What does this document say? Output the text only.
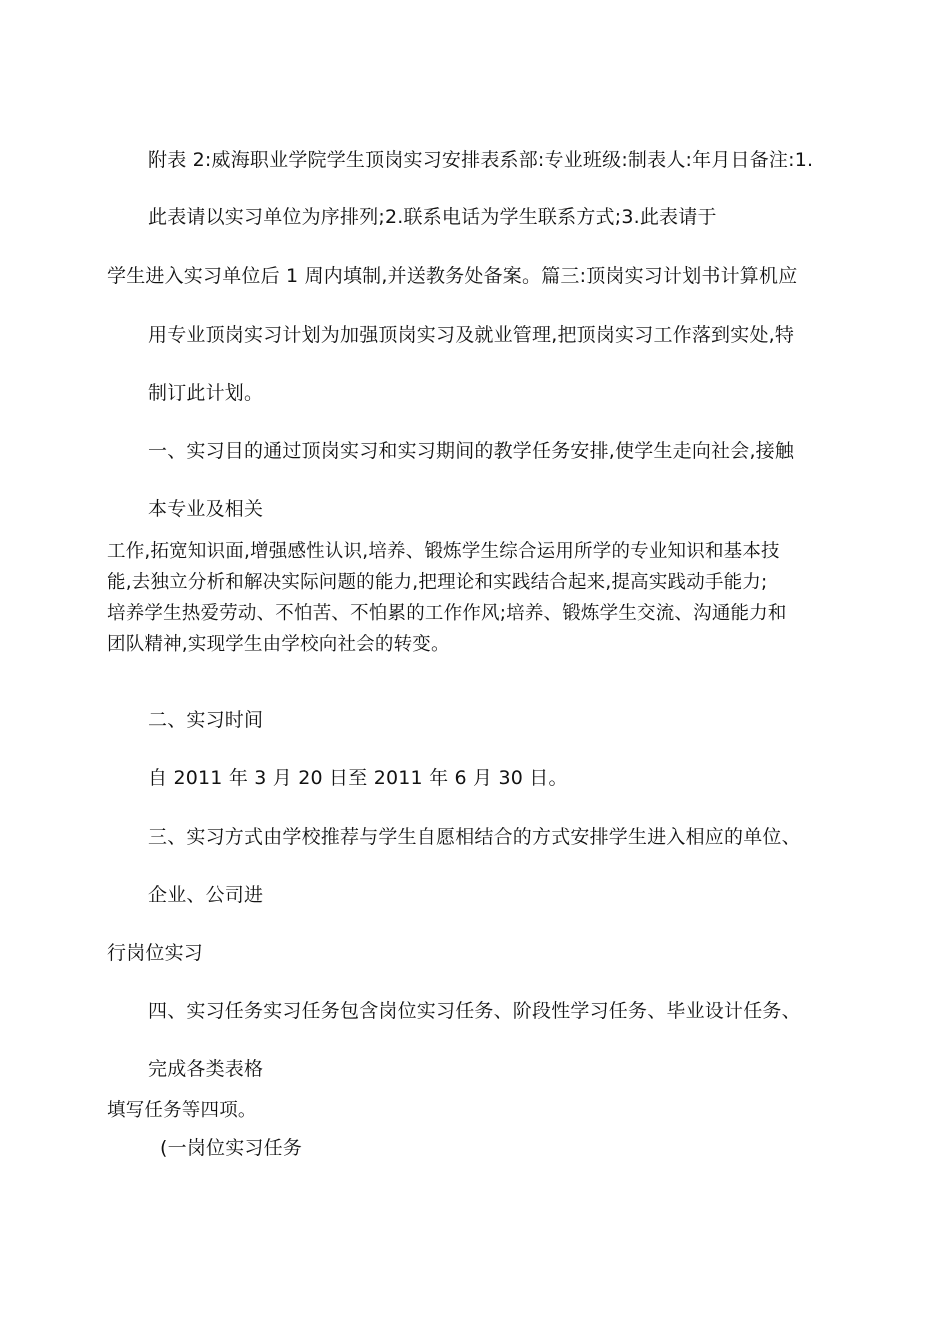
附表 2:威海职业学院学生顶岗实习安排表系部:专业班级:制表人:年月日备注:1.
此表请以实习单位为序排列;2.联系电话为学生联系方式;3.此表请于
学生进入实习单位后 1 周内填制,并送教务处备案。篇三:顶岗实习计划书计算机应
用专业顶岗实习计划为加强顶岗实习及就业管理,把顶岗实习工作落到实处,特
制订此计划。
一、实习目的通过顶岗实习和实习期间的教学任务安排,使学生走向社会,接触
本专业及相关
工作,拓宽知识面,增强感性认识,培养、锻炼学生综合运用所学的专业知识和基本技
能,去独立分析和解决实际问题的能力,把理论和实践结合起来,提高实践动手能力;
培养学生热爱劳动、不怕苦、不怕累的工作作风;培养、锻炼学生交流、沟通能力和
团队精神,实现学生由学校向社会的转变。
二、实习时间
自 2011 年 3 月 20 日至 2011 年 6 月 30 日。
三、实习方式由学校推荐与学生自愿相结合的方式安排学生进入相应的单位、
企业、公司进
行岗位实习
四、实习任务实习任务包含岗位实习任务、阶段性学习任务、毕业设计任务、
完成各类表格
填写任务等四项。
(一岗位实习任务
